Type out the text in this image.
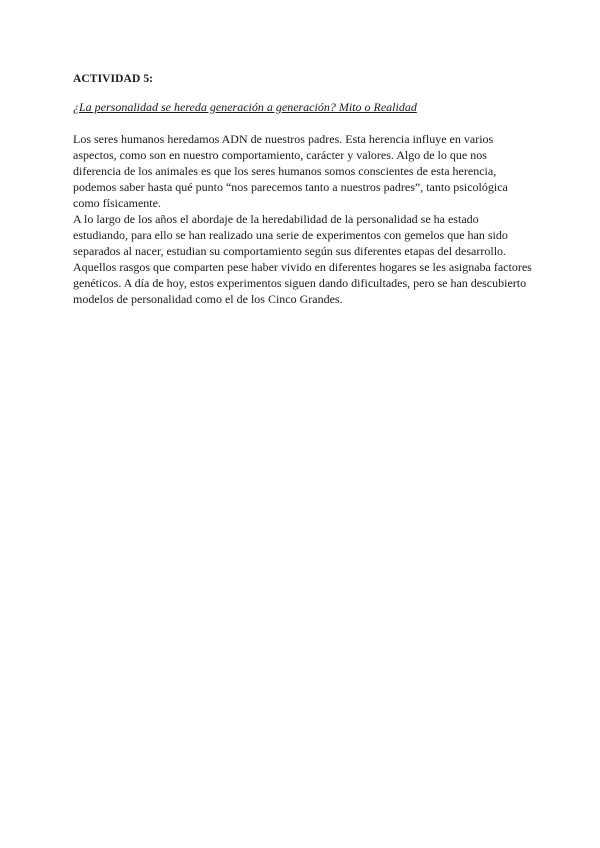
ACTIVIDAD 5:

¿La personalidad se hereda generación a generación? Mito o Realidad

Los seres humanos heredamos ADN de nuestros padres. Esta herencia influye en varios aspectos, como son en nuestro comportamiento, carácter y valores. Algo de lo que nos diferencia de los animales es que los seres humanos somos conscientes de esta herencia, podemos saber hasta qué punto “nos parecemos tanto a nuestros padres”, tanto psicológica como físicamente.

A lo largo de los años el abordaje de la heredabilidad de la personalidad se ha estado estudiando, para ello se han realizado una serie de experimentos con gemelos que han sido separados al nacer, estudian su comportamiento según sus diferentes etapas del desarrollo. Aquellos rasgos que comparten pese haber vivido en diferentes hogares se les asignaba factores genéticos. A día de hoy, estos experimentos siguen dando dificultades, pero se han descubierto modelos de personalidad como el de los Cinco Grandes.
